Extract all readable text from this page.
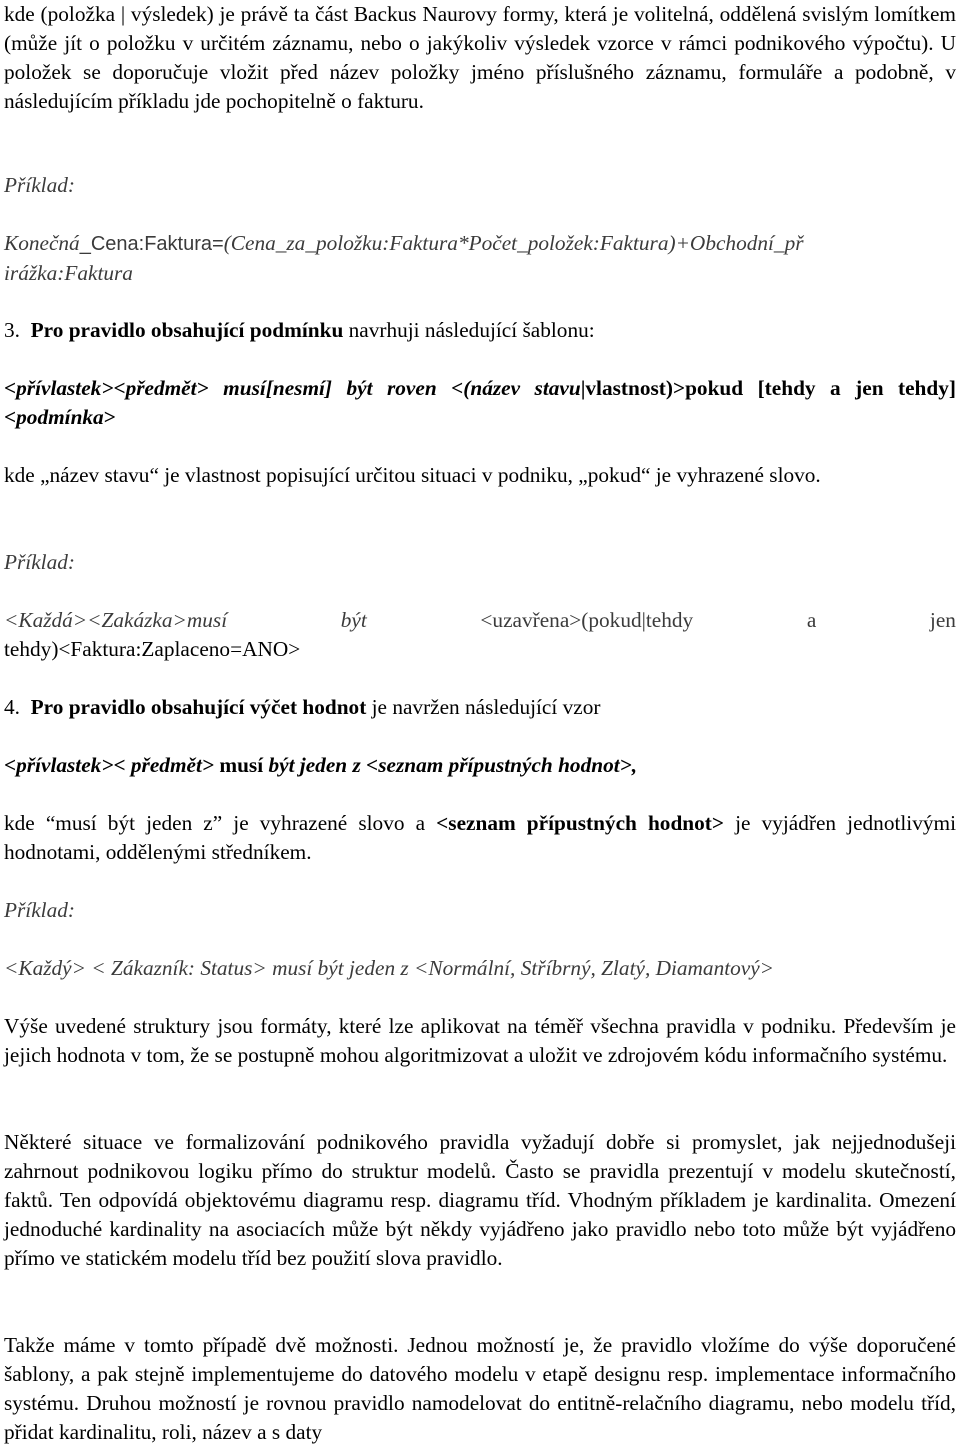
kde (položka | výsledek) je právě ta část Backus Naurovy formy, která je volitelná, oddělená svislým lomítkem (může jít o položku v určitém záznamu, nebo o jakýkoliv výsledek vzorce v rámci podnikového výpočtu). U položek se doporučuje vložit před název položky jméno příslušného záznamu, formuláře a podobně, v následujícím příkladu jde pochopitelně o fakturu.

Příklad:

Konečná_Cena:Faktura=(Cena_za_položku:Faktura*Počet_položek:Faktura)+Obchodní_př
irážka:Faktura

3. Pro pravidlo obsahující podmínku navrhuji následující šablonu:

<přívlastek><předmět> musí[nesmí] být roven <(název stavu|vlastnost)>pokud [tehdy a jen tehdy] <podmínka>

kde „název stavu“ je vlastnost popisující určitou situaci v podniku, „pokud“ je vyhrazené slovo.

Příklad:

<Každá><Zakázka>musí	být	<uzavřena>(pokud|tehdy	a	jen

tehdy)<Faktura:Zaplaceno=ANO>

4. Pro pravidlo obsahující výčet hodnot je navržen následující vzor

<přívlastek>< předmět> musí být jeden z <seznam přípustných hodnot>,

kde “musí být jeden z” je vyhrazené slovo a <seznam přípustných hodnot> je vyjádřen jednotlivými hodnotami, oddělenými středníkem.

Příklad:

<Každý> < Zákazník: Status> musí být jeden z <Normální, Stříbrný, Zlatý, Diamantový>

Výše uvedené struktury jsou formáty, které lze aplikovat na téměř všechna pravidla v podniku. Především je jejich hodnota v tom, že se postupně mohou algoritmizovat a uložit ve zdrojovém kódu informačního systému.

Některé situace ve formalizování podnikového pravidla vyžadují dobře si promyslet, jak nejjednodušeji zahrnout podnikovou logiku přímo do struktur modelů. Často se pravidla prezentují v modelu skutečností, faktů. Ten odpovídá objektovému diagramu resp. diagramu tříd. Vhodným příkladem je kardinalita. Omezení jednoduché kardinality na asociacích může být někdy vyjádřeno jako pravidlo nebo toto může být vyjádřeno přímo ve statickém modelu tříd bez použití slova pravidlo.

Takže máme v tomto případě dvě možnosti. Jednou možností je, že pravidlo vložíme do výše doporučené šablony, a pak stejně implementujeme do datového modelu v etapě designu resp. implementace informačního systému. Druhou možností je rovnou pravidlo namodelovat do entitně-relačního diagramu, nebo modelu tříd, přidat kardinalitu, roli, název a s daty
